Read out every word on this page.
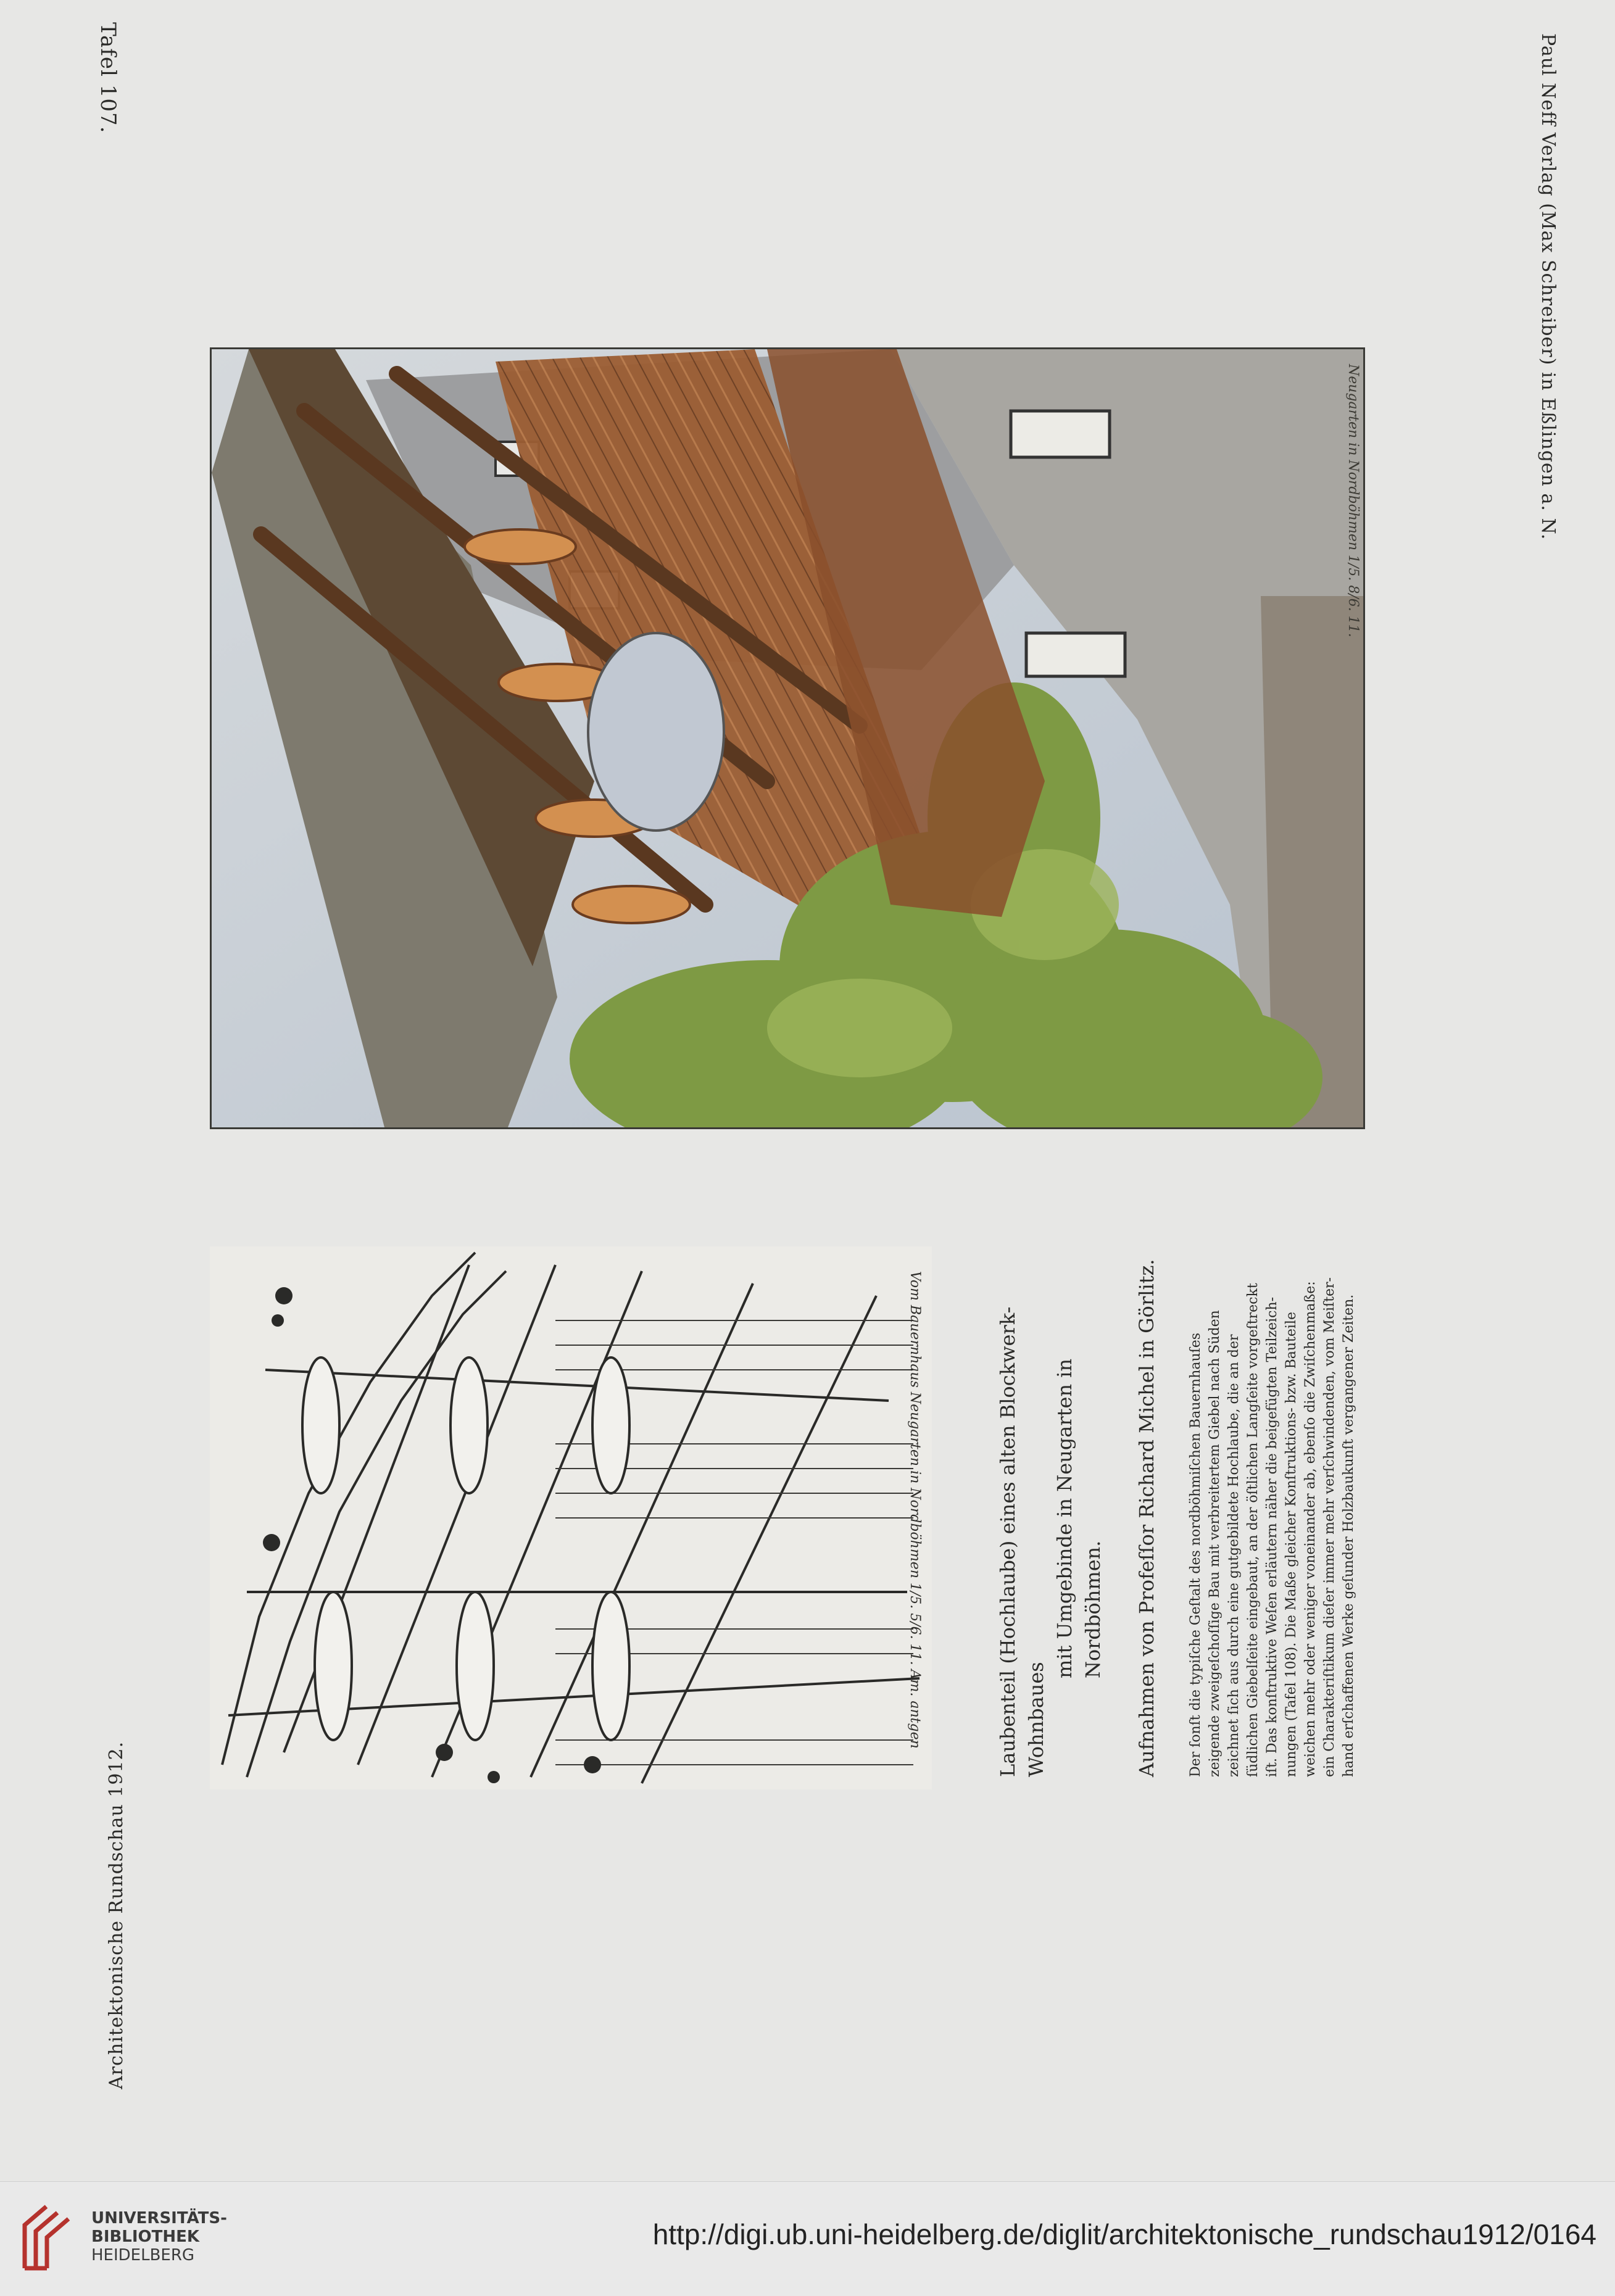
Tafel 107.	Paul Neff Verlag (Max Schreiber) in Eßlingen a. N.
Architektonische Rundschau 1912.
Neugarten in Nordböhmen 1/5. 8/6. 11.
Vom Bauernhaus Neugarten in Nordböhmen 1/5. 5/6. 11. Am. antgen	Laubenteil (Hochlaube) eines alten Blockwerk-Wohnbaues
mit Umgebinde in Neugarten in Nordböhmen. Aufnahmen von Profeſſor Richard Michel in Görlitz. Der ſonſt die typiſche Geſtalt des nordböhmiſchen Bauernhauſes zeigende zweigeſchoſſige Bau mit verbreitertem Giebel nach Süden zeichnet ſich aus durch eine gutgebildete Hochlaube, die an der ſüdlichen Giebelſeite eingebaut, an der öſtlichen Langſeite vorgeſtreckt iſt. Das konſtruktive Weſen erläutern näher die beigefügten Teilzeich- nungen (Tafel 108). Die Maße gleicher Konſtruktions- bzw. Bauteile weichen mehr oder weniger voneinander ab, ebenſo die Zwiſchenmaße: ein Charakteriſtikum dieſer immer mehr verſchwindenden, vom Meiſter- hand erſchaffenen Werke geſunder Holzbaukunſt vergangener Zeiten.
UNIVERSITÄTS-
BIBLIOTHEK
HEIDELBERG
http://digi.ub.uni-heidelberg.de/diglit/architektonische_rundschau1912/0164
